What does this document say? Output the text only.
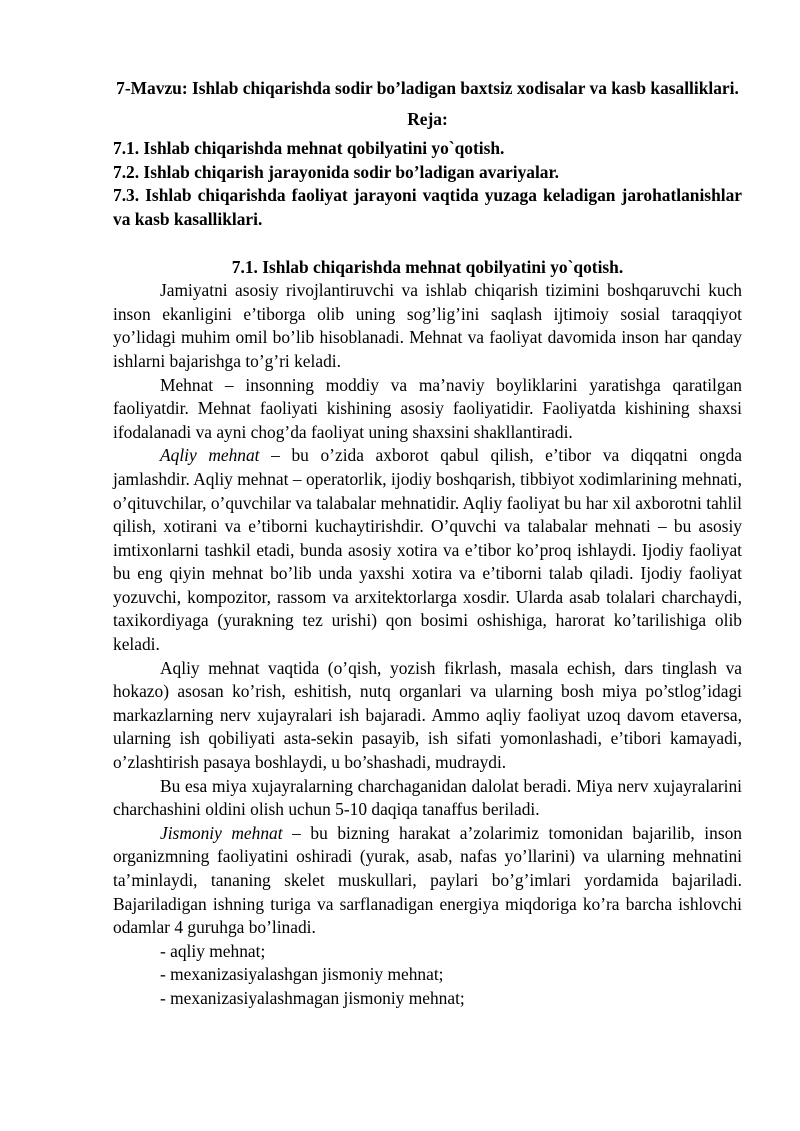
7-Mavzu: Ishlab chiqarishda sodir bo’ladigan baxtsiz xodisalar va kasb kasalliklari.

Reja:

7.1. Ishlab chiqarishda mehnat qobilyatini yo`qotish.

7.2. Ishlab chiqarish jarayonida sodir bo’ladigan avariyalar.

7.3. Ishlab chiqarishda faoliyat jarayoni vaqtida yuzaga keladigan jarohatlanishlar va kasb kasalliklari.

7.1. Ishlab chiqarishda mehnat qobilyatini yo`qotish.

Jamiyatni asosiy rivojlantiruvchi va ishlab chiqarish tizimini boshqaruvchi kuch inson ekanligini e’tiborga olib uning sog’lig’ini saqlash ijtimoiy sosial taraqqiyot yo’lidagi muhim omil bo’lib hisoblanadi. Mehnat va faoliyat davomida inson har qanday ishlarni bajarishga to’g’ri keladi.

Mehnat – insonning moddiy va ma’naviy boyliklarini yaratishga qaratilgan faoliyatdir. Mehnat faoliyati kishining asosiy faoliyatidir. Faoliyatda kishining shaxsi ifodalanadi va ayni chog’da faoliyat uning shaxsini shakllantiradi.

Aqliy mehnat – bu o’zida axborot qabul qilish, e’tibor va diqqatni ongda jamlashdir. Aqliy mehnat – operatorlik, ijodiy boshqarish, tibbiyot xodimlarining mehnati, o’qituvchilar, o’quvchilar va talabalar mehnatidir. Aqliy faoliyat bu har xil axborotni tahlil qilish, xotirani va e’tiborni kuchaytirishdir. O’quvchi va talabalar mehnati – bu asosiy imtixonlarni tashkil etadi, bunda asosiy xotira va e’tibor ko’proq ishlaydi. Ijodiy faoliyat bu eng qiyin mehnat bo’lib unda yaxshi xotira va e’tiborni talab qiladi. Ijodiy faoliyat yozuvchi, kompozitor, rassom va arxitektorlarga xosdir. Ularda asab tolalari charchaydi, taxikordiyaga (yurakning tez urishi) qon bosimi oshishiga, harorat ko’tarilishiga olib keladi.

Aqliy mehnat vaqtida (o’qish, yozish fikrlash, masala echish, dars tinglash va hokazo) asosan ko’rish, eshitish, nutq organlari va ularning bosh miya po’stlog’idagi markazlarning nerv xujayralari ish bajaradi. Ammo aqliy faoliyat uzoq davom etaversa, ularning ish qobiliyati asta-sekin pasayib, ish sifati yomonlashadi, e’tibori kamayadi, o’zlashtirish pasaya boshlaydi, u bo’shashadi, mudraydi.

Bu esa miya xujayralarning charchaganidan dalolat beradi. Miya nerv xujayralarini charchashini oldini olish uchun 5-10 daqiqa tanaffus beriladi.

Jismoniy mehnat – bu bizning harakat a’zolarimiz tomonidan bajarilib, inson organizmning faoliyatini oshiradi (yurak, asab, nafas yo’llarini) va ularning mehnatini ta’minlaydi, tananing skelet muskullari, paylari bo’g’imlari yordamida bajariladi. Bajariladigan ishning turiga va sarflanadigan energiya miqdoriga ko’ra barcha ishlovchi odamlar 4 guruhga bo’linadi.

- aqliy mehnat;

- mexanizasiyalashgan jismoniy mehnat;

- mexanizasiyalashmagan jismoniy mehnat;
